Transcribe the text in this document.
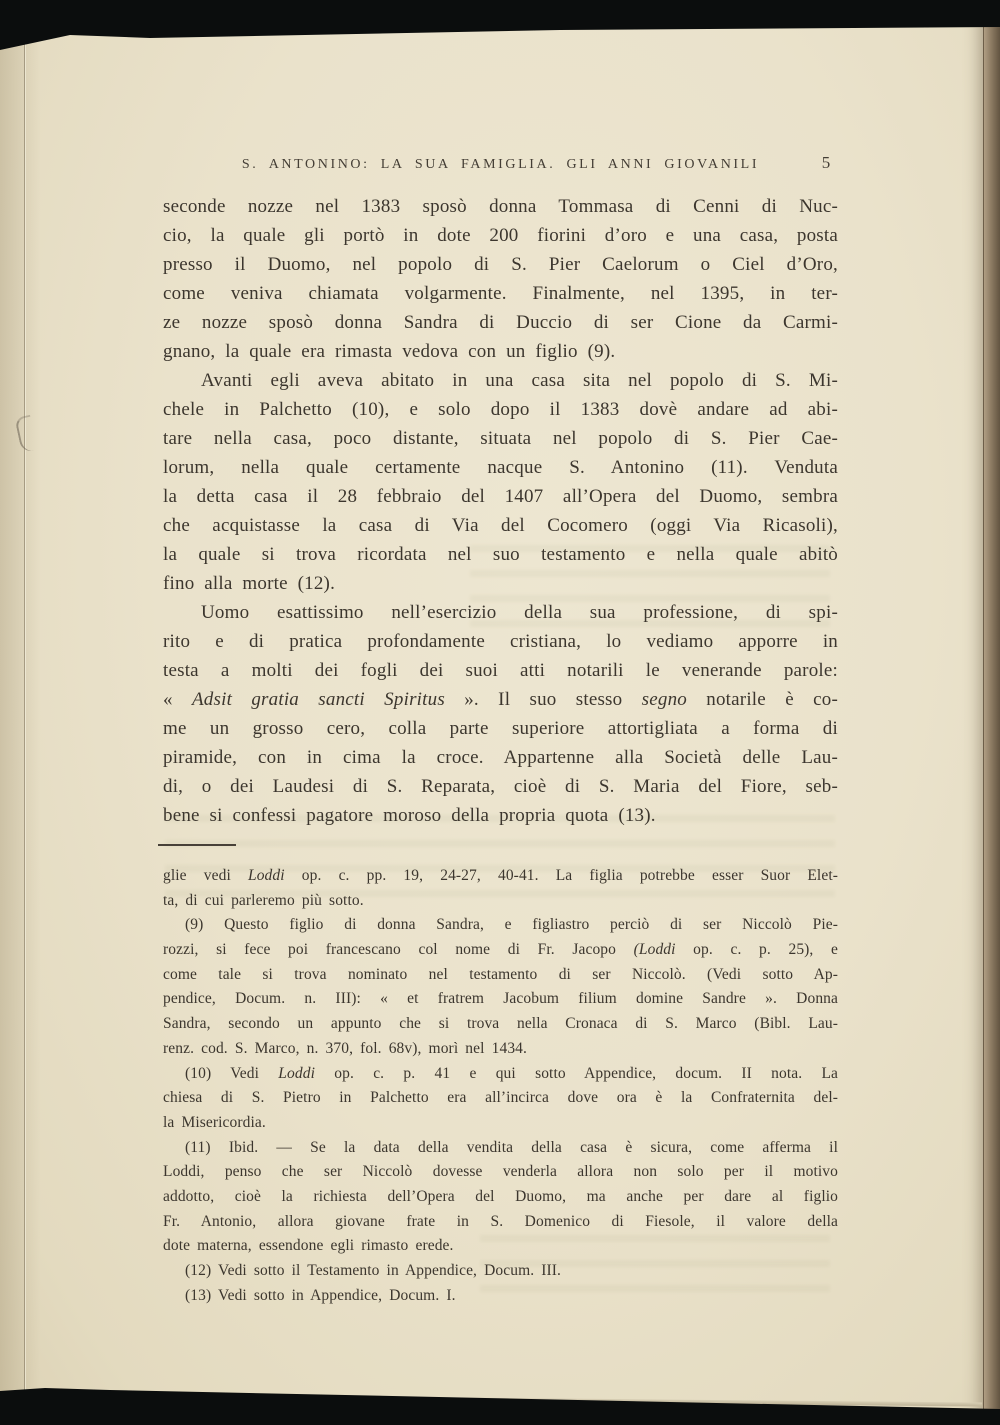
S. ANTONINO: LA SUA FAMIGLIA. GLI ANNI GIOVANILI	5
seconde nozze nel 1383 sposò donna Tommasa di Cenni di Nuc-
cio, la quale gli portò in dote 200 fiorini d’oro e una casa, posta
presso il Duomo, nel popolo di S. Pier Caelorum o Ciel d’Oro,
come veniva chiamata volgarmente. Finalmente, nel 1395, in ter-
ze nozze sposò donna Sandra di Duccio di ser Cione da Carmi-
gnano, la quale era rimasta vedova con un figlio (9).
Avanti egli aveva abitato in una casa sita nel popolo di S. Mi-
chele in Palchetto (10), e solo dopo il 1383 dovè andare ad abi-
tare nella casa, poco distante, situata nel popolo di S. Pier Cae-
lorum, nella quale certamente nacque S. Antonino (11). Venduta
la detta casa il 28 febbraio del 1407 all’Opera del Duomo, sembra
che acquistasse la casa di Via del Cocomero (oggi Via Ricasoli),
la quale si trova ricordata nel suo testamento e nella quale abitò
fino alla morte (12).
Uomo esattissimo nell’esercizio della sua professione, di spi-
rito e di pratica profondamente cristiana, lo vediamo apporre in
testa a molti dei fogli dei suoi atti notarili le venerande parole:
« Adsit gratia sancti Spiritus ». Il suo stesso segno notarile è co-
me un grosso cero, colla parte superiore attortigliata a forma di
piramide, con in cima la croce. Appartenne alla Società delle Lau-
di, o dei Laudesi di S. Reparata, cioè di S. Maria del Fiore, seb-
bene si confessi pagatore moroso della propria quota (13).
glie vedi Loddi op. c. pp. 19, 24-27, 40-41. La figlia potrebbe esser Suor Elet-
ta, di cui parleremo più sotto.
(9) Questo figlio di donna Sandra, e figliastro perciò di ser Niccolò Pie-
rozzi, si fece poi francescano col nome di Fr. Jacopo (Loddi op. c. p. 25), e
come tale si trova nominato nel testamento di ser Niccolò. (Vedi sotto Ap-
pendice, Docum. n. III): « et fratrem Jacobum filium domine Sandre ». Donna
Sandra, secondo un appunto che si trova nella Cronaca di S. Marco (Bibl. Lau-
renz. cod. S. Marco, n. 370, fol. 68v), morì nel 1434.
(10) Vedi Loddi op. c. p. 41 e qui sotto Appendice, docum. II nota. La
chiesa di S. Pietro in Palchetto era all’incirca dove ora è la Confraternita del-
la Misericordia.
(11) Ibid. — Se la data della vendita della casa è sicura, come afferma il
Loddi, penso che ser Niccolò dovesse venderla allora non solo per il motivo
addotto, cioè la richiesta dell’Opera del Duomo, ma anche per dare al figlio
Fr. Antonio, allora giovane frate in S. Domenico di Fiesole, il valore della
dote materna, essendone egli rimasto erede.
(12) Vedi sotto il Testamento in Appendice, Docum. III.
(13) Vedi sotto in Appendice, Docum. I.
